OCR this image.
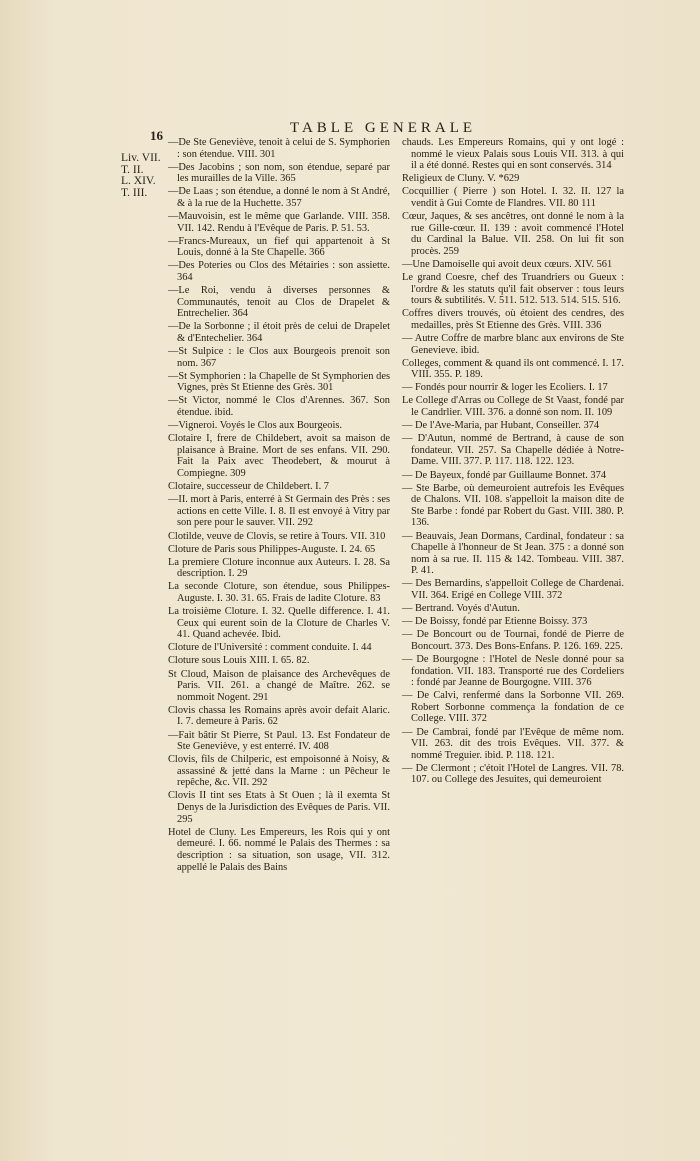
16	TABLE GENERALE
Liv. VII.
T. II.
L. XIV.
T. III.

—De Ste Geneviève, tenoit à celui de S. Symphorien : son étendue. VIII. 301

—Des Jacobins ; son nom, son étendue, separé par les murailles de la Ville. 365

—De Laas ; son étendue, a donné le nom à St André, & à la rue de la Huchette. 357

—Mauvoisin, est le même que Garlande. VIII. 358. VII. 142. Rendu à l'Evêque de Paris. P. 51. 53.

—Francs-Mureaux, un fief qui appartenoit à St Louis, donné à la Ste Chapelle. 366

—Des Poteries ou Clos des Métairies : son assiette. 364

—Le Roi, vendu à diverses personnes & Communautés, tenoit au Clos de Drapelet & Entrechelier. 364

—De la Sorbonne ; il étoit près de celui de Drapelet & d'Entechelier. 364

—St Sulpice : le Clos aux Bourgeois prenoit son nom. 367

—St Symphorien : la Chapelle de St Symphorien des Vignes, près St Etienne des Grès. 301

—St Victor, nommé le Clos d'Arennes. 367. Son étendue. ibid.

—Vigneroi. Voyés le Clos aux Bourgeois.

Clotaire I, frere de Childebert, avoit sa maison de plaisance à Braine. Mort de ses enfans. VII. 290. Fait la Paix avec Theodebert, & mourut à Compiegne. 309

Clotaire, successeur de Childebert. I. 7

—II. mort à Paris, enterré à St Germain des Près : ses actions en cette Ville. I. 8. Il est envoyé à Vitry par son pere pour le sauver. VII. 292

Clotilde, veuve de Clovis, se retire à Tours. VII. 310

Cloture de Paris sous Philippes-Auguste. I. 24. 65

La premiere Cloture inconnue aux Auteurs. I. 28. Sa description. I. 29

La seconde Cloture, son étendue, sous Philippes-Auguste. I. 30. 31. 65. Frais de ladite Cloture. 83

La troisième Cloture. I. 32. Quelle difference. I. 41. Ceux qui eurent soin de la Cloture de Charles V. 41. Quand achevée. Ibid.

Cloture de l'Université : comment conduite. I. 44

Cloture sous Louis XIII. I. 65. 82.

St Cloud, Maison de plaisance des Archevêques de Paris. VII. 261. a changé de Maître. 262. se nommoit Nogent. 291

Clovis chassa les Romains après avoir defait Alaric. I. 7. demeure à Paris. 62

—Fait bâtir St Pierre, St Paul. 13. Est Fondateur de Ste Geneviève, y est enterré. IV. 408

Clovis, fils de Chilperic, est empoisonné à Noisy, & assassiné & jetté dans la Marne : un Pêcheur le repêche, &c. VII. 292

Clovis II tint ses Etats à St Ouen ; là il exemta St Denys de la Jurisdiction des Evêques de Paris. VII. 295

Hotel de Cluny. Les Empereurs, les Rois qui y ont demeuré. I. 66. nommé le Palais des Thermes : sa description : sa situation, son usage, VII. 312. appellé le Palais des Bains

chauds. Les Empereurs Romains, qui y ont logé : nommé le vieux Palais sous Louis VII. 313. à qui il a été donné. Restes qui en sont conservés. 314

Religieux de Cluny. V. *629

Cocquillier ( Pierre ) son Hotel. I. 32. II. 127 la vendit à Gui Comte de Flandres. VII. 80 111

Cœur, Jaques, & ses ancêtres, ont donné le nom à la rue Gille-cœur. II. 139 : avoit commencé l'Hotel du Cardinal la Balue. VII. 258. On lui fit son procès. 259

—Une Damoiselle qui avoit deux cœurs. XIV. 561

Le grand Coesre, chef des Truandriers ou Gueux : l'ordre & les statuts qu'il fait observer : tous leurs tours & subtilités. V. 511. 512. 513. 514. 515. 516.

Coffres divers trouvés, où étoient des cendres, des medailles, près St Etienne des Grès. VIII. 336

— Autre Coffre de marbre blanc aux environs de Ste Genevieve. ibid.

Colleges, comment & quand ils ont commencé. I. 17. VIII. 355. P. 189.

— Fondés pour nourrir & loger les Ecoliers. I. 17

Le College d'Arras ou College de St Vaast, fondé par le Candrlier. VIII. 376. a donné son nom. II. 109

— De l'Ave-Maria, par Hubant, Conseiller. 374

— D'Autun, nommé de Bertrand, à cause de son fondateur. VII. 257. Sa Chapelle dédiée à Notre-Dame. VIII. 377. P. 117. 118. 122. 123.

— De Bayeux, fondé par Guillaume Bonnet. 374

— Ste Barbe, où demeuroient autrefois les Evêques de Chalons. VII. 108. s'appelloit la maison dite de Ste Barbe : fondé par Robert du Gast. VIII. 380. P. 136.

— Beauvais, Jean Dormans, Cardinal, fondateur : sa Chapelle à l'honneur de St Jean. 375 : a donné son nom à sa rue. II. 115 & 142. Tombeau. VIII. 387. P. 41.

— Des Bernardins, s'appelloit College de Chardenai. VII. 364. Erigé en College VIII. 372

— Bertrand. Voyés d'Autun.

— De Boissy, fondé par Etienne Boissy. 373

— De Boncourt ou de Tournai, fondé de Pierre de Boncourt. 373. Des Bons-Enfans. P. 126. 169. 225.

— De Bourgogne : l'Hotel de Nesle donné pour sa fondation. VII. 183. Transporté rue des Cordeliers : fondé par Jeanne de Bourgogne. VIII. 376

— De Calvi, renfermé dans la Sorbonne VII. 269. Robert Sorbonne commença la fondation de ce College. VIII. 372

— De Cambrai, fondé par l'Evêque de même nom. VII. 263. dit des trois Evêques. VII. 377. & nommé Treguier. ibid. P. 118. 121.

— De Clermont ; c'étoit l'Hotel de Langres. VII. 78. 107. ou College des Jesuites, qui demeuroient
